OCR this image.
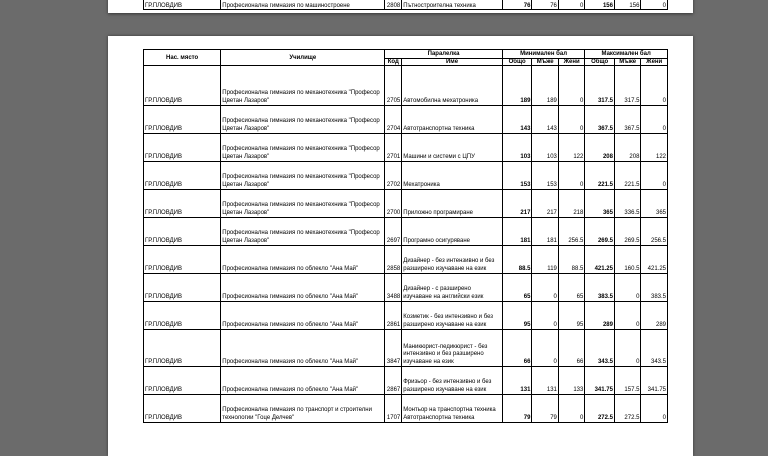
ГР.ПЛОВДИВ	Професионална гимназия по машиностроене	2808	Пътностроителна техника	76	76	0	156	156	0
Нас. място	Училище	Паралелка		Минимален бал			Максимален бал		
		Код	Име	Общо	Мъже	Жени	Общо	Мъже	Жени
ГР.ПЛОВДИВ	Професионална гимназия по механотехника "Професор Цветан Лазаров"	2705	Автомобилна мехатроника	189	189	0	317.5	317.5	0
ГР.ПЛОВДИВ	Професионална гимназия по механотехника "Професор Цветан Лазаров"	2704	Автотранспортна техника	143	143	0	367.5	367.5	0
ГР.ПЛОВДИВ	Професионална гимназия по механотехника "Професор Цветан Лазаров"	2701	Машини и системи с ЦПУ	103	103	122	208	208	122
ГР.ПЛОВДИВ	Професионална гимназия по механотехника "Професор Цветан Лазаров"	2702	Мехатроника	153	153	0	221.5	221.5	0
ГР.ПЛОВДИВ	Професионална гимназия по механотехника "Професор Цветан Лазаров"	2700	Приложно програмиране	217	217	218	365	336.5	365
ГР.ПЛОВДИВ	Професионална гимназия по механотехника "Професор Цветан Лазаров"	2697	Програмно осигуряване	181	181	256.5	269.5	269.5	256.5
ГР.ПЛОВДИВ	Професионална гимназия по облекло "Ана Май"	2858	Дизайнер - без интензивно и без разширено изучаване на език	88.5	119	88.5	421.25	160.5	421.25
ГР.ПЛОВДИВ	Професионална гимназия по облекло "Ана Май"	3488	Дизайнер - с разширено изучаване на английски език	65	0	65	383.5	0	383.5
ГР.ПЛОВДИВ	Професионална гимназия по облекло "Ана Май"	2861	Козметик - без интензивно и без разширено изучаване на език	95	0	95	289	0	289
ГР.ПЛОВДИВ	Професионална гимназия по облекло "Ана Май"	3847	Маникюрист-педикюрист - без интензивно и без разширено изучаване на език	66	0	66	343.5	0	343.5
ГР.ПЛОВДИВ	Професионална гимназия по облекло "Ана Май"	2867	Фризьор - без интензивно и без разширено изучаване на език	131	131	133	341.75	157.5	341.75
ГР.ПЛОВДИВ	Професионална гимназия по транспорт и строителни технологии "Гоце Делчев"	1707	Монтьор на транспортна техника Автотранспортна техника	79	79	0	272.5	272.5	0
